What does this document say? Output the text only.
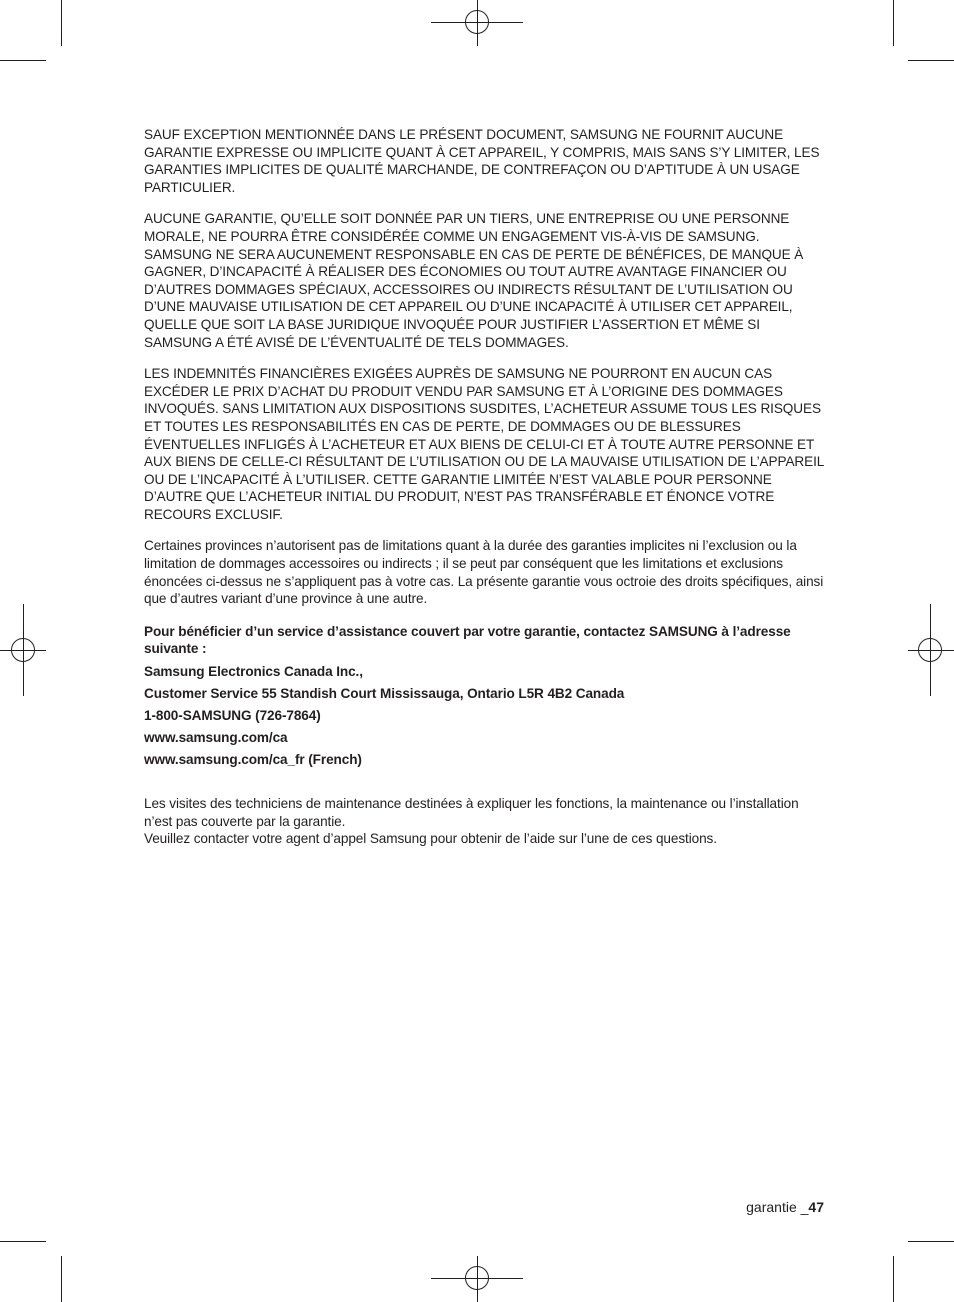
SAUF EXCEPTION MENTIONNÉE DANS LE PRÉSENT DOCUMENT, SAMSUNG NE FOURNIT AUCUNE GARANTIE EXPRESSE OU IMPLICITE QUANT À CET APPAREIL, Y COMPRIS, MAIS SANS S’Y LIMITER, LES GARANTIES IMPLICITES DE QUALITÉ MARCHANDE, DE CONTREFAÇON OU D’APTITUDE À UN USAGE PARTICULIER.

AUCUNE GARANTIE, QU’ELLE SOIT DONNÉE PAR UN TIERS, UNE ENTREPRISE OU UNE PERSONNE MORALE, NE POURRA ÊTRE CONSIDÉRÉE COMME UN ENGAGEMENT VIS-À-VIS DE SAMSUNG. SAMSUNG NE SERA AUCUNEMENT RESPONSABLE EN CAS DE PERTE DE BÉNÉFICES, DE MANQUE À GAGNER, D’INCAPACITÉ À RÉALISER DES ÉCONOMIES OU TOUT AUTRE AVANTAGE FINANCIER OU D’AUTRES DOMMAGES SPÉCIAUX, ACCESSOIRES OU INDIRECTS RÉSULTANT DE L’UTILISATION OU D’UNE MAUVAISE UTILISATION DE CET APPAREIL OU D’UNE INCAPACITÉ À UTILISER CET APPAREIL, QUELLE QUE SOIT LA BASE JURIDIQUE INVOQUÉE POUR JUSTIFIER L’ASSERTION ET MÊME SI SAMSUNG A ÉTÉ AVISÉ DE L’ÉVENTUALITÉ DE TELS DOMMAGES.

LES INDEMNITÉS FINANCIÈRES EXIGÉES AUPRÈS DE SAMSUNG NE POURRONT EN AUCUN CAS EXCÉDER LE PRIX D’ACHAT DU PRODUIT VENDU PAR SAMSUNG ET À L’ORIGINE DES DOMMAGES INVOQUÉS. SANS LIMITATION AUX DISPOSITIONS SUSDITES, L’ACHETEUR ASSUME TOUS LES RISQUES ET TOUTES LES RESPONSABILITÉS EN CAS DE PERTE, DE DOMMAGES OU DE BLESSURES ÉVENTUELLES INFLIGÉS À L’ACHETEUR ET AUX BIENS DE CELUI-CI ET À TOUTE AUTRE PERSONNE ET AUX BIENS DE CELLE-CI RÉSULTANT DE L’UTILISATION OU DE LA MAUVAISE UTILISATION DE L’APPAREIL OU DE L’INCAPACITÉ À L’UTILISER. CETTE GARANTIE LIMITÉE N’EST VALABLE POUR PERSONNE D’AUTRE QUE L’ACHETEUR INITIAL DU PRODUIT, N’EST PAS TRANSFÉRABLE ET ÉNONCE VOTRE RECOURS EXCLUSIF.

Certaines provinces n’autorisent pas de limitations quant à la durée des garanties implicites ni l’exclusion ou la limitation de dommages accessoires ou indirects ; il se peut par conséquent que les limitations et exclusions énoncées ci-dessus ne s’appliquent pas à votre cas. La présente garantie vous octroie des droits spécifiques, ainsi que d’autres variant d’une province à une autre.

Pour bénéficier d’un service d’assistance couvert par votre garantie, contactez SAMSUNG à l’adresse suivante :

Samsung Electronics Canada Inc.,

Customer Service 55 Standish Court Mississauga, Ontario L5R 4B2 Canada

1-800-SAMSUNG (726-7864)

www.samsung.com/ca

www.samsung.com/ca_fr (French)

Les visites des techniciens de maintenance destinées à expliquer les fonctions, la maintenance ou l’installation n’est pas couverte par la garantie.
Veuillez contacter votre agent d’appel Samsung pour obtenir de l’aide sur l’une de ces questions.

garantie _47
